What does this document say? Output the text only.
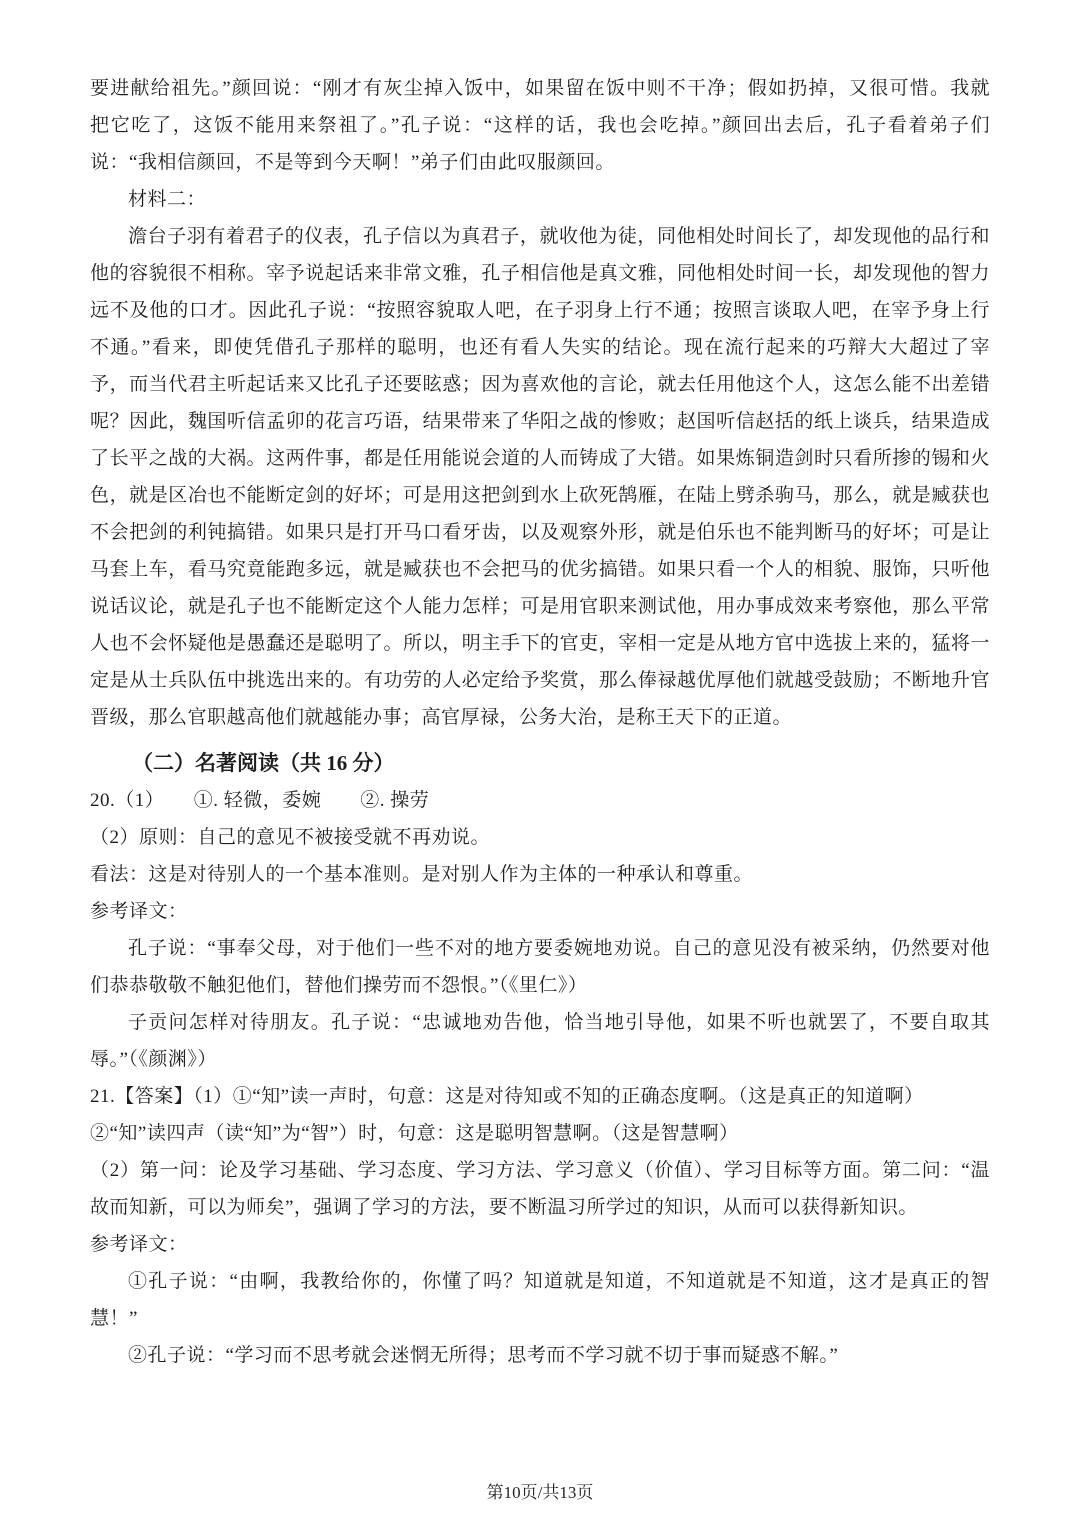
要进献给祖先。”颜回说：“刚才有灰尘掉入饭中，如果留在饭中则不干净；假如扔掉，又很可惜。我就
把它吃了，这饭不能用来祭祖了。”孔子说：“这样的话，我也会吃掉。”颜回出去后，孔子看着弟子们
说：“我相信颜回，不是等到今天啊！”弟子们由此叹服颜回。
材料二：
澹台子羽有着君子的仪表，孔子信以为真君子，就收他为徒，同他相处时间长了，却发现他的品行和
他的容貌很不相称。宰予说起话来非常文雅，孔子相信他是真文雅，同他相处时间一长，却发现他的智力
远不及他的口才。因此孔子说：“按照容貌取人吧，在子羽身上行不通；按照言谈取人吧，在宰予身上行
不通。”看来，即使凭借孔子那样的聪明，也还有看人失实的结论。现在流行起来的巧辩大大超过了宰
予，而当代君主听起话来又比孔子还要眩惑；因为喜欢他的言论，就去任用他这个人，这怎么能不出差错
呢？因此，魏国听信孟卯的花言巧语，结果带来了华阳之战的惨败；赵国听信赵括的纸上谈兵，结果造成
了长平之战的大祸。这两件事，都是任用能说会道的人而铸成了大错。如果炼铜造剑时只看所掺的锡和火
色，就是区冶也不能断定剑的好坏；可是用这把剑到水上砍死鹄雁，在陆上劈杀驹马，那么，就是臧获也
不会把剑的利钝搞错。如果只是打开马口看牙齿，以及观察外形，就是伯乐也不能判断马的好坏；可是让
马套上车，看马究竟能跑多远，就是臧获也不会把马的优劣搞错。如果只看一个人的相貌、服饰，只听他
说话议论，就是孔子也不能断定这个人能力怎样；可是用官职来测试他，用办事成效来考察他，那么平常
人也不会怀疑他是愚蠢还是聪明了。所以，明主手下的官吏，宰相一定是从地方官中选拔上来的，猛将一
定是从士兵队伍中挑选出来的。有功劳的人必定给予奖赏，那么俸禄越优厚他们就越受鼓励；不断地升官
晋级，那么官职越高他们就越能办事；高官厚禄，公务大治，是称王天下的正道。
（二）名著阅读（共 16 分）
20.（1）　　①. 轻微，委婉　　②. 操劳
（2）原则：自己的意见不被接受就不再劝说。
看法：这是对待别人的一个基本准则。是对别人作为主体的一种承认和尊重。
参考译文：
孔子说：“事奉父母，对于他们一些不对的地方要委婉地劝说。自己的意见没有被采纳，仍然要对他
们恭恭敬敬不触犯他们，替他们操劳而不怨恨。”（《里仁》）
子贡问怎样对待朋友。孔子说：“忠诚地劝告他，恰当地引导他，如果不听也就罢了，不要自取其
辱。”（《颜渊》）
21.【答案】（1）①“知”读一声时，句意：这是对待知或不知的正确态度啊。（这是真正的知道啊）
②“知”读四声（读“知”为“智”）时，句意：这是聪明智慧啊。（这是智慧啊）
（2）第一问：论及学习基础、学习态度、学习方法、学习意义（价值）、学习目标等方面。第二问：“温
故而知新，可以为师矣”，强调了学习的方法，要不断温习所学过的知识，从而可以获得新知识。
参考译文：
①孔子说：“由啊，我教给你的，你懂了吗？知道就是知道，不知道就是不知道，这才是真正的智
慧！”
②孔子说：“学习而不思考就会迷惘无所得；思考而不学习就不切于事而疑惑不解。”
第10页/共13页
